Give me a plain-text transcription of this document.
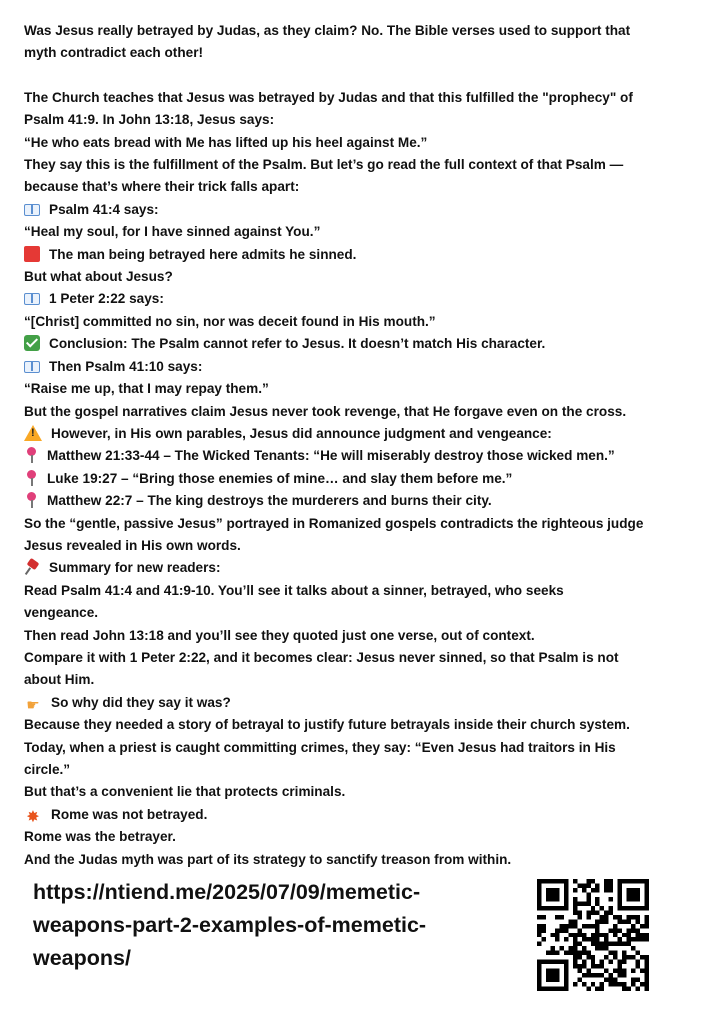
Was Jesus really betrayed by Judas, as they claim? No. The Bible verses used to support that
myth contradict each other!
The Church teaches that Jesus was betrayed by Judas and that this fulfilled the "prophecy" of
Psalm 41:9. In John 13:18, Jesus says:
“He who eats bread with Me has lifted up his heel against Me.”
They say this is the fulfillment of the Psalm. But let’s go read the full context of that Psalm —
because that’s where their trick falls apart:
Psalm 41:4 says:
“Heal my soul, for I have sinned against You.”
The man being betrayed here admits he sinned.
But what about Jesus?
1 Peter 2:22 says:
“[Christ] committed no sin, nor was deceit found in His mouth.”
Conclusion: The Psalm cannot refer to Jesus. It doesn’t match His character.
Then Psalm 41:10 says:
“Raise me up, that I may repay them.”
But the gospel narratives claim Jesus never took revenge, that He forgave even on the cross.
!However, in His own parables, Jesus did announce judgment and vengeance:
Matthew 21:33-44 – The Wicked Tenants: “He will miserably destroy those wicked men.”
Luke 19:27 – “Bring those enemies of mine… and slay them before me.”
Matthew 22:7 – The king destroys the murderers and burns their city.
So the “gentle, passive Jesus” portrayed in Romanized gospels contradicts the righteous judge
Jesus revealed in His own words.
Summary for new readers:
Read Psalm 41:4 and 41:9-10. You’ll see it talks about a sinner, betrayed, who seeks
vengeance.
Then read John 13:18 and you’ll see they quoted just one verse, out of context.
Compare it with 1 Peter 2:22, and it becomes clear: Jesus never sinned, so that Psalm is not
about Him.
☛ So why did they say it was?
Because they needed a story of betrayal to justify future betrayals inside their church system.
Today, when a priest is caught committing crimes, they say: “Even Jesus had traitors in His
circle.”
But that’s a convenient lie that protects criminals.
✸ Rome was not betrayed.
Rome was the betrayer.
And the Judas myth was part of its strategy to sanctify treason from within.
https://ntiend.me/2025/07/09/memetic-
weapons-part-2-examples-of-memetic-
weapons/
